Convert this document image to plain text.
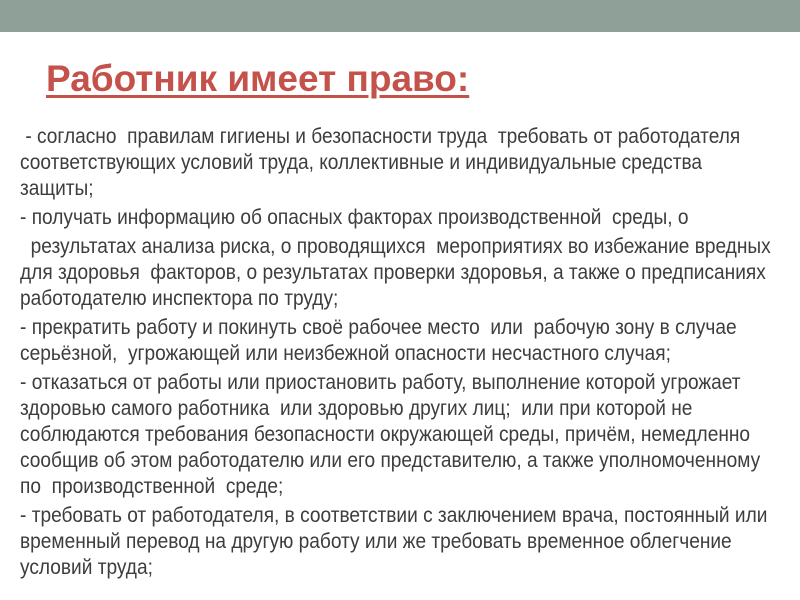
Работник имеет право:

- согласно  правилам гигиены и безопасности труда  требовать от работодателя  соответствующих условий труда, коллективные и индивидуальные средства защиты;

- получать информацию об опасных факторах производственной  среды, о

результатах анализа риска, о проводящихся  мероприятиях во избежание вредных для здоровья  факторов, о результатах проверки здоровья, а также о предписаниях работодателю инспектора по труду;

- прекратить работу и покинуть своё рабочее место  или  рабочую зону в случае серьёзной,  угрожающей или неизбежной опасности несчастного случая;

- отказаться от работы или приостановить работу, выполнение которой угрожает здоровью самого работника  или здоровью других лиц;  или при которой не соблюдаются требования безопасности окружающей среды, причём, немедленно  сообщив об этом работодателю или его представителю, а также уполномоченному  по  производственной  среде;

- требовать от работодателя, в соответствии с заключением врача, постоянный или    временный перевод на другую работу или же требовать временное облегчение условий труда;
